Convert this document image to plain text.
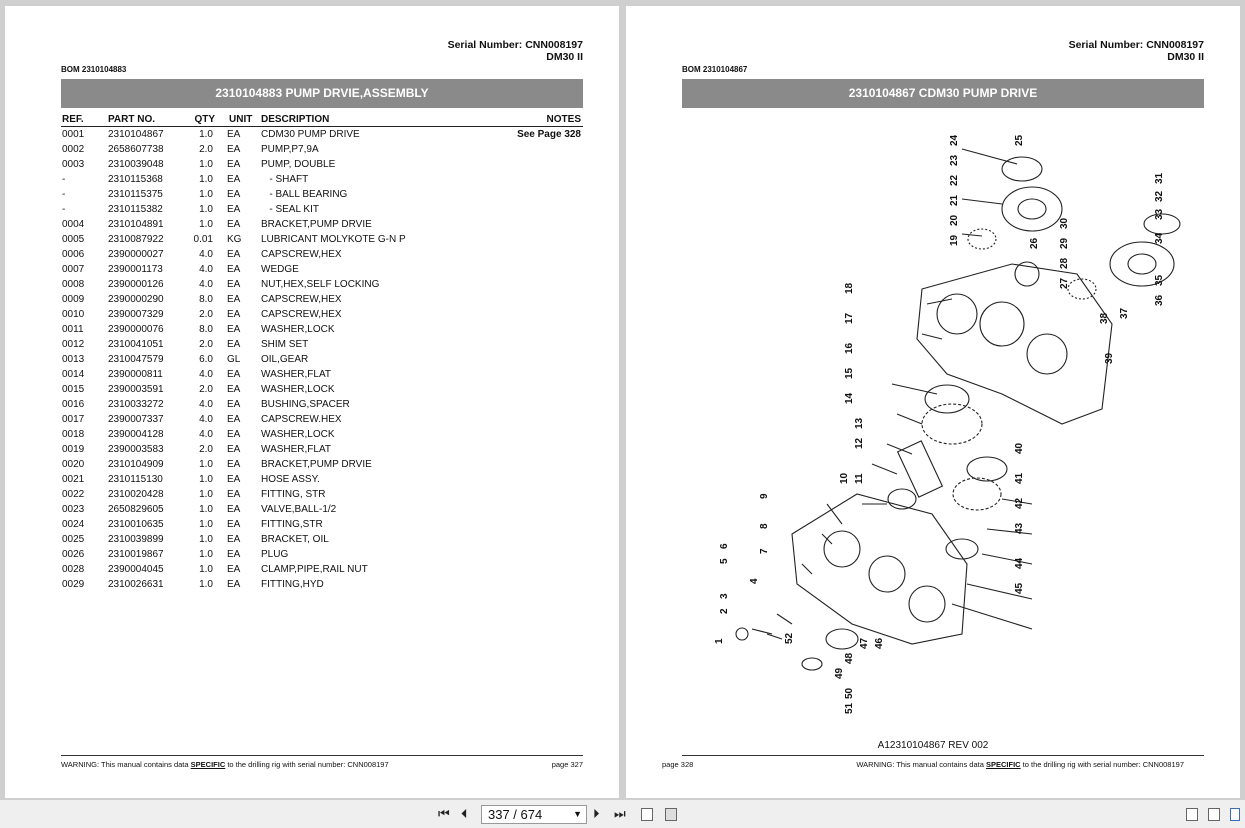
Serial Number: CNN008197
DM30 II
BOM 2310104883
2310104883 PUMP DRVIE,ASSEMBLY
REF. PART NO.	QTY UNIT DESCRIPTION	NOTES
0001 2310104867	1.0 EA CDM30 PUMP DRIVE	See Page 328
0002 2658607738	2.0 EA PUMP,P7,9A
0003 2310039048	1.0 EA PUMP, DOUBLE
-	2310115368	1.0 EA - SHAFT
-	2310115375	1.0 EA - BALL BEARING
-	2310115382	1.0 EA - SEAL KIT
0004 2310104891	1.0 EA BRACKET,PUMP DRVIE
0005 2310087922	0.01 KG LUBRICANT MOLYKOTE G-N P
0006 2390000027	4.0 EA CAPSCREW,HEX
0007 2390001173	4.0 EA WEDGE
0008 2390000126	4.0 EA NUT,HEX,SELF LOCKING
0009 2390000290	8.0 EA CAPSCREW,HEX
0010 2390007329	2.0 EA CAPSCREW,HEX
0011 2390000076	8.0 EA WASHER,LOCK
0012 2310041051	2.0 EA SHIM SET
0013 2310047579	6.0 GL OIL,GEAR
0014 2390000811	4.0 EA WASHER,FLAT
0015 2390003591	2.0 EA WASHER,LOCK
0016 2310033272	4.0 EA BUSHING,SPACER
0017 2390007337	4.0 EA CAPSCREW.HEX
0018 2390004128	4.0 EA WASHER,LOCK
0019 2390003583	2.0 EA WASHER,FLAT
0020 2310104909	1.0 EA BRACKET,PUMP DRVIE
0021 2310115130	1.0 EA HOSE ASSY.
0022 2310020428	1.0 EA FITTING, STR
0023 2650829605	1.0 EA VALVE,BALL-1/2
0024 2310010635	1.0 EA FITTING,STR
0025 2310039899	1.0 EA BRACKET, OIL
0026 2310019867	1.0 EA PLUG
0028 2390004045	1.0 EA CLAMP,PIPE,RAIL NUT
0029 2310026631	1.0 EA FITTING,HYD
WARNING: This manual contains data SPECIFIC to the drilling rig with serial number: CNN008197	page 327
Serial Number: CNN008197
DM30 II
BOM 2310104867
2310104867 CDM30 PUMP DRIVE
1
2
3
4
5
6
7
8
9
10 11
12
13
14
15
16
17
18
19
20
21
22
23
24	25
26
27
28
29
30
31
32
33
34
35
36
37
38
39
40
41
42
43
44
45
46
47
48
49
50
51
52
A12310104867 REV 002
page 328	WARNING: This manual contains data SPECIFIC to the drilling rig with serial number: CNN008197
⏮ ⏴	337 / 674	▼ ⏵ ⏭
